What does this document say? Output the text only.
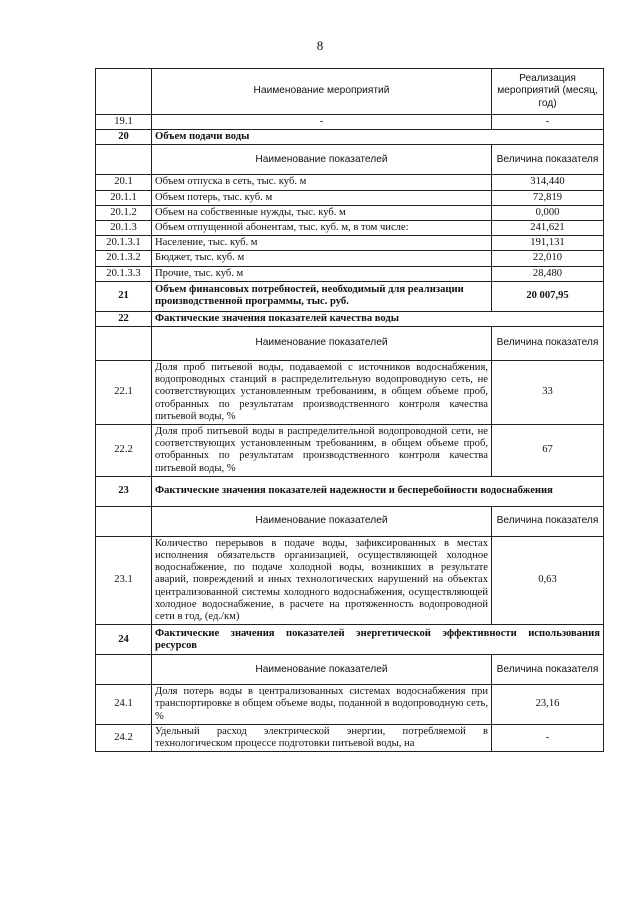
8
	Наименование мероприятий	Реализация мероприятий (месяц, год)
19.1	-	-
20	Объем подачи воды	
	Наименование показателей	Величина показателя
20.1	Объем отпуска в сеть, тыс. куб. м	314,440
20.1.1	Объем потерь, тыс. куб. м	72,819
20.1.2	Объем на собственные нужды, тыс. куб. м	0,000
20.1.3	Объем отпущенной абонентам, тыс. куб. м, в том числе:	241,621
20.1.3.1	Население, тыс. куб. м	191,131
20.1.3.2	Бюджет, тыс. куб. м	22,010
20.1.3.3	Прочие, тыс. куб. м	28,480
21	Объем финансовых потребностей, необходимый для реализации производственной программы, тыс. руб.	20 007,95
22	Фактические значения показателей качества воды	
	Наименование показателей	Величина показателя
22.1	Доля проб питьевой воды, подаваемой с источников водоснабжения, водопроводных станций в распределительную водопроводную сеть, не соответствующих установленным требованиям, в общем объеме проб, отобранных по результатам производственного контроля качества питьевой воды, %	33
22.2	Доля проб питьевой воды в распределительной водопроводной сети, не соответствующих установленным требованиям, в общем объеме проб, отобранных по результатам производственного контроля качества питьевой воды, %	67
23	Фактические значения показателей надежности и бесперебойности водоснабжения	
	Наименование показателей	Величина показателя
23.1	Количество перерывов в подаче воды, зафиксированных в местах исполнения обязательств организацией, осуществляющей холодное водоснабжение, по подаче холодной воды, возникших в результате аварий, повреждений и иных технологических нарушений на объектах централизованной системы холодного водоснабжения, осуществляющей холодное водоснабжение, в расчете на протяженность водопроводной сети в год, (ед./км)	0,63
24	Фактические значения показателей энергетической эффективности использования ресурсов	
	Наименование показателей	Величина показателя
24.1	Доля потерь воды в централизованных системах водоснабжения при транспортировке в общем объеме воды, поданной в водопроводную сеть, %	23,16
24.2	Удельный расход электрической энергии, потребляемой в технологическом процессе подготовки питьевой воды, на	-
